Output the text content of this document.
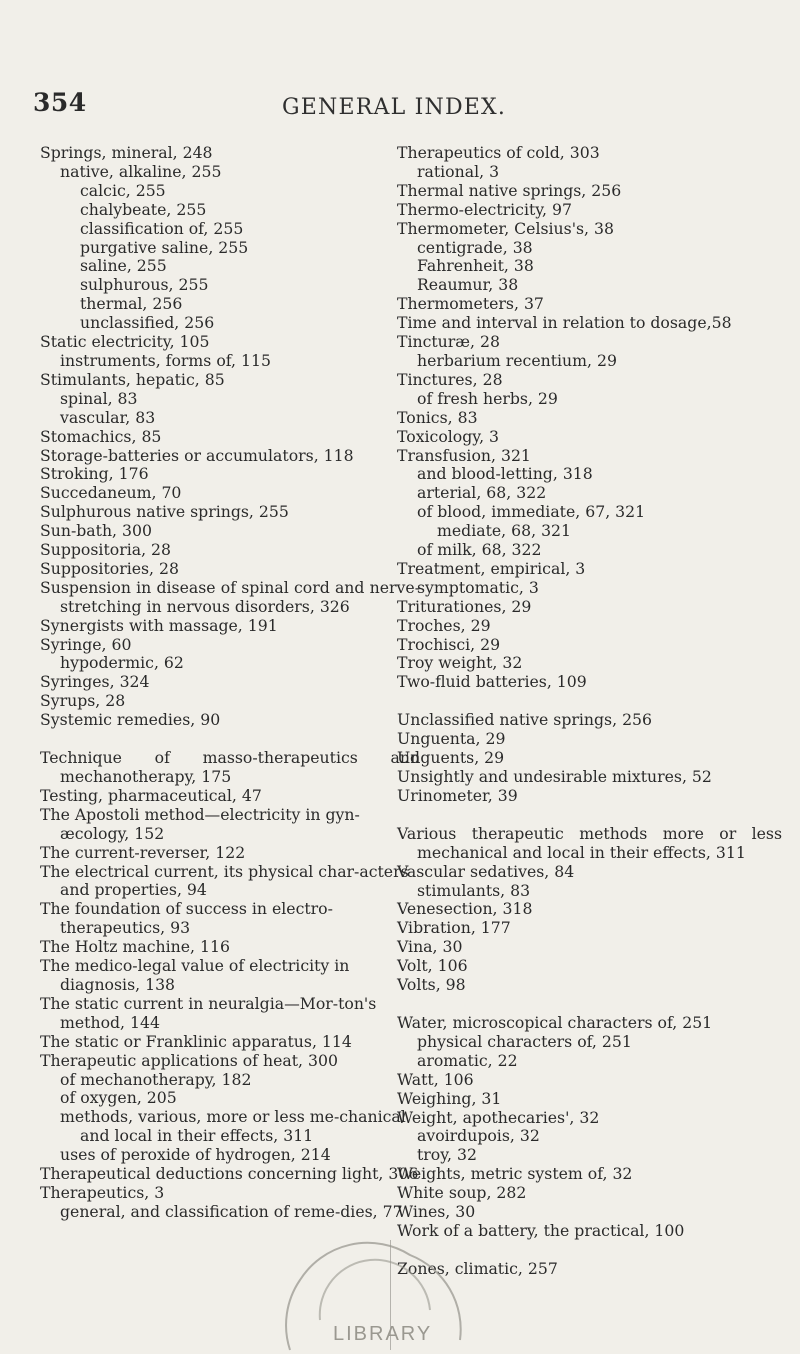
354	GENERAL INDEX.

Springs, mineral, 248

native, alkaline, 255

calcic, 255

chalybeate, 255

classification of, 255

purgative saline, 255

saline, 255

sulphurous, 255

thermal, 256

unclassified, 256

Static electricity, 105

instruments, forms of, 115

Stimulants, hepatic, 85

spinal, 83

vascular, 83

Stomachics, 85

Storage-batteries or accumulators, 118

Stroking, 176

Succedaneum, 70

Sulphurous native springs, 255

Sun-bath, 300

Suppositoria, 28

Suppositories, 28

Suspension in disease of spinal cord and nerve-stretching in nervous disorders, 326

Synergists with massage, 191

Syringe, 60

hypodermic, 62

Syringes, 324

Syrups, 28

Systemic remedies, 90

Technique of masso-therapeutics and mechanotherapy, 175

Testing, pharmaceutical, 47

The Apostoli method—electricity in gyn-æcology, 152

The current-reverser, 122

The electrical current, its physical char-acters and properties, 94

The foundation of success in electro-therapeutics, 93

The Holtz machine, 116

The medico-legal value of electricity in diagnosis, 138

The static current in neuralgia—Mor-ton's method, 144

The static or Franklinic apparatus, 114

Therapeutic applications of heat, 300

of mechanotherapy, 182

of oxygen, 205

methods, various, more or less me-chanical and local in their effects, 311

uses of peroxide of hydrogen, 214

Therapeutical deductions concerning light, 306

Therapeutics, 3

general, and classification of reme-dies, 77

Therapeutics of cold, 303

rational, 3

Thermal native springs, 256

Thermo-electricity, 97

Thermometer, Celsius's, 38

centigrade, 38

Fahrenheit, 38

Reaumur, 38

Thermometers, 37

Time and interval in relation to dosage,58

Tincturæ, 28

herbarium recentium, 29

Tinctures, 28

of fresh herbs, 29

Tonics, 83

Toxicology, 3

Transfusion, 321

and blood-letting, 318

arterial, 68, 322

of blood, immediate, 67, 321

mediate, 68, 321

of milk, 68, 322

Treatment, empirical, 3

symptomatic, 3

Triturationes, 29

Troches, 29

Trochisci, 29

Troy weight, 32

Two-fluid batteries, 109

Unclassified native springs, 256

Unguenta, 29

Unguents, 29

Unsightly and undesirable mixtures, 52

Urinometer, 39

Various therapeutic methods more or less mechanical and local in their effects, 311

Vascular sedatives, 84

stimulants, 83

Venesection, 318

Vibration, 177

Vina, 30

Volt, 106

Volts, 98

Water, microscopical characters of, 251

physical characters of, 251

aromatic, 22

Watt, 106

Weighing, 31

Weight, apothecaries', 32

avoirdupois, 32

troy, 32

Weights, metric system of, 32

White soup, 282

Wines, 30

Work of a battery, the practical, 100

Zones, climatic, 257

LIBRARY
